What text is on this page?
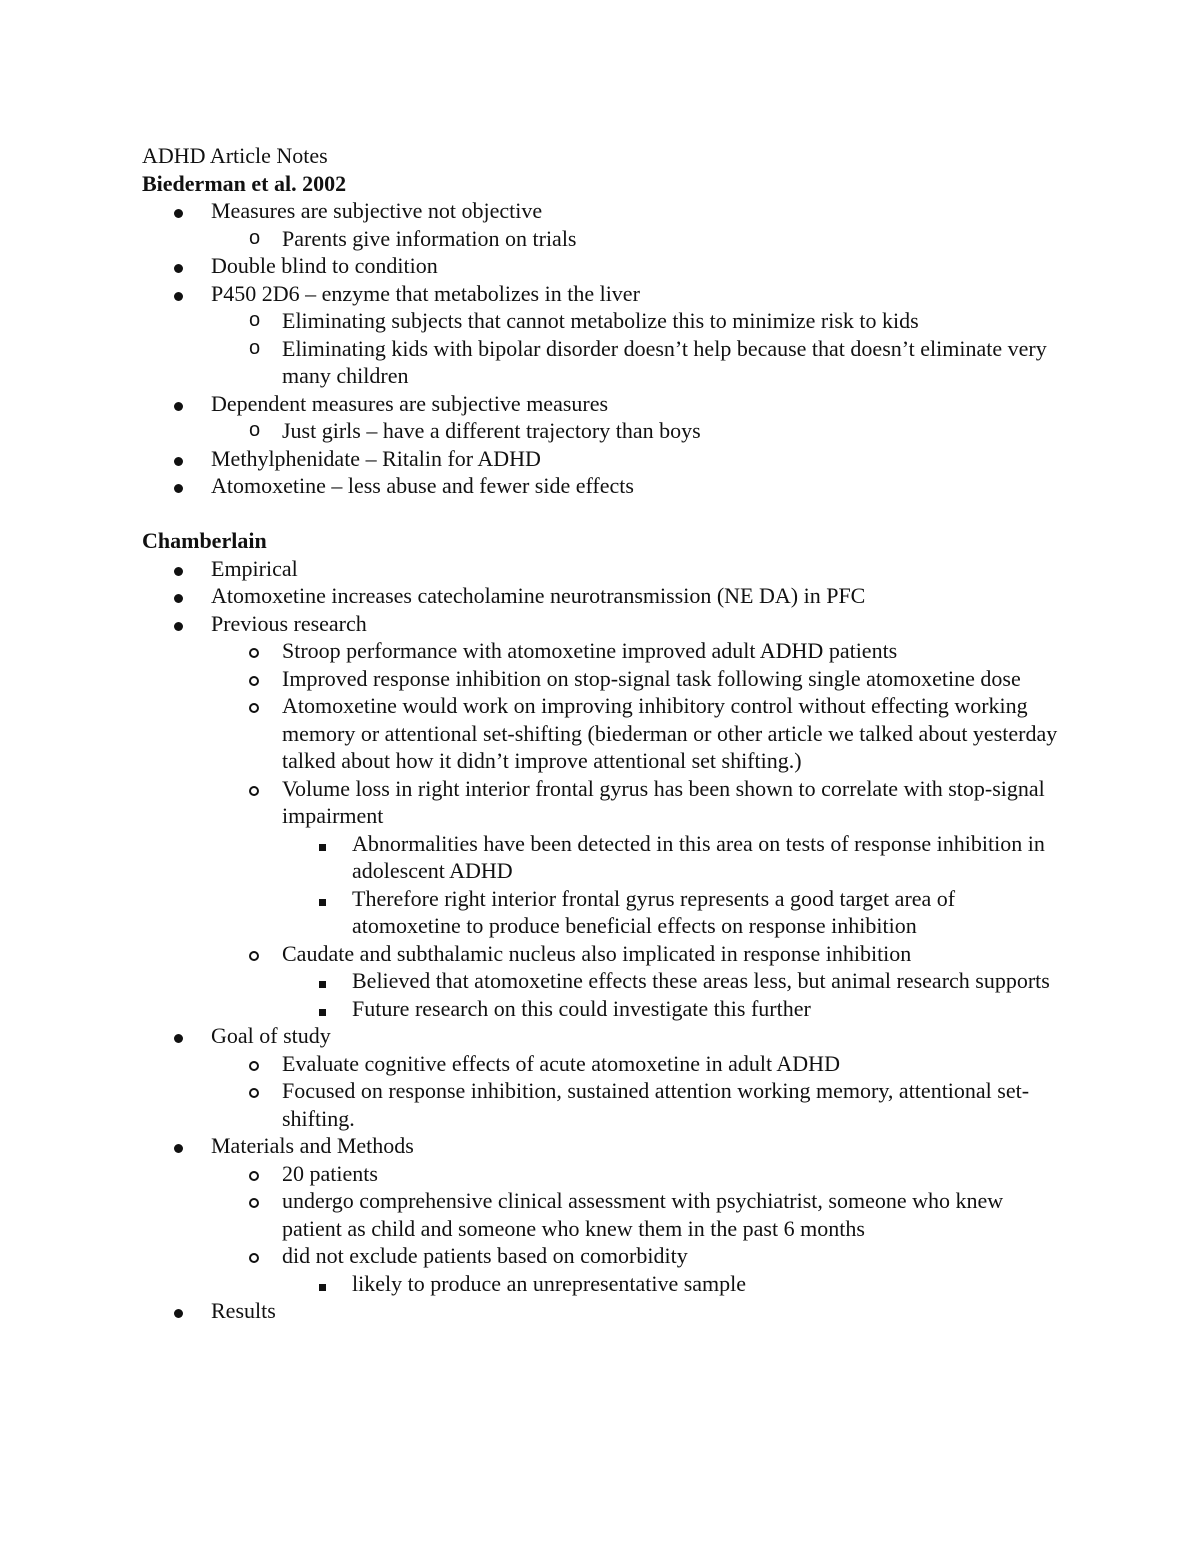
ADHD Article Notes
Biederman et al. 2002
Measures are subjective not objective
o Parents give information on trials
Double blind to condition
P450 2D6 – enzyme that metabolizes in the liver
o Eliminating subjects that cannot metabolize this to minimize risk to kids
o Eliminating kids with bipolar disorder doesn’t help because that doesn’t eliminate very many children
Dependent measures are subjective measures
o Just girls – have a different trajectory than boys
Methylphenidate – Ritalin for ADHD
Atomoxetine – less abuse and fewer side effects
Chamberlain
Empirical
Atomoxetine increases catecholamine neurotransmission (NE DA) in PFC
Previous research
Stroop performance with atomoxetine improved adult ADHD patients
Improved response inhibition on stop-signal task following single atomoxetine dose
Atomoxetine would work on improving inhibitory control without effecting working memory or attentional set-shifting (biederman or other article we talked about yesterday talked about how it didn’t improve attentional set shifting.)
Volume loss in right interior frontal gyrus has been shown to correlate with stop-signal impairment
Abnormalities have been detected in this area on tests of response inhibition in adolescent ADHD
Therefore right interior frontal gyrus represents a good target area of atomoxetine to produce beneficial effects on response inhibition
Caudate and subthalamic nucleus also implicated in response inhibition
Believed that atomoxetine effects these areas less, but animal research supports
Future research on this could investigate this further
Goal of study
Evaluate cognitive effects of acute atomoxetine in adult ADHD
Focused on response inhibition, sustained attention working memory, attentional set-shifting.
Materials and Methods
20 patients
undergo comprehensive clinical assessment with psychiatrist, someone who knew patient as child and someone who knew them in the past 6 months
did not exclude patients based on comorbidity
likely to produce an unrepresentative sample
Results
